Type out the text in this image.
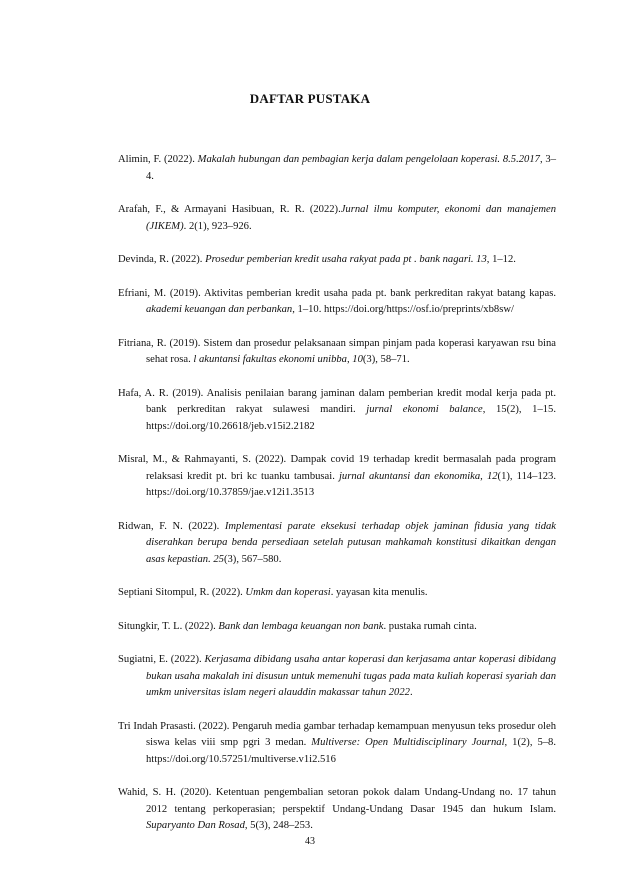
DAFTAR PUSTAKA
Alimin, F. (2022). Makalah hubungan dan pembagian kerja dalam pengelolaan koperasi. 8.5.2017, 3–4.
Arafah, F., & Armayani Hasibuan, R. R. (2022).Jurnal ilmu komputer, ekonomi dan manajemen (JIKEM). 2(1), 923–926.
Devinda, R. (2022). Prosedur pemberian kredit usaha rakyat pada pt . bank nagari. 13, 1–12.
Efriani, M. (2019). Aktivitas pemberian kredit usaha pada pt. bank perkreditan rakyat batang kapas. akademi keuangan dan perbankan, 1–10. https://doi.org/https://osf.io/preprints/xb8sw/
Fitriana, R. (2019). Sistem dan prosedur pelaksanaan simpan pinjam pada koperasi karyawan rsu bina sehat rosa. l akuntansi fakultas ekonomi unibba, 10(3), 58–71.
Hafa, A. R. (2019). Analisis penilaian barang jaminan dalam pemberian kredit modal kerja pada pt. bank perkreditan rakyat sulawesi mandiri. jurnal ekonomi balance, 15(2), 1–15. https://doi.org/10.26618/jeb.v15i2.2182
Misral, M., & Rahmayanti, S. (2022). Dampak covid 19 terhadap kredit bermasalah pada program relaksasi kredit pt. bri kc tuanku tambusai. jurnal akuntansi dan ekonomika, 12(1), 114–123. https://doi.org/10.37859/jae.v12i1.3513
Ridwan, F. N. (2022). Implementasi parate eksekusi terhadap objek jaminan fidusia yang tidak diserahkan berupa benda persediaan setelah putusan mahkamah konstitusi dikaitkan dengan asas kepastian. 25(3), 567–580.
Septiani Sitompul, R. (2022). Umkm dan koperasi. yayasan kita menulis.
Situngkir, T. L. (2022). Bank dan lembaga keuangan non bank. pustaka rumah cinta.
Sugiatni, E. (2022). Kerjasama dibidang usaha antar koperasi dan kerjasama antar koperasi dibidang bukan usaha makalah ini disusun untuk memenuhi tugas pada mata kuliah koperasi syariah dan umkm universitas islam negeri alauddin makassar tahun 2022.
Tri Indah Prasasti. (2022). Pengaruh media gambar terhadap kemampuan menyusun teks prosedur oleh siswa kelas viii smp pgri 3 medan. Multiverse: Open Multidisciplinary Journal, 1(2), 5–8. https://doi.org/10.57251/multiverse.v1i2.516
Wahid, S. H. (2020). Ketentuan pengembalian setoran pokok dalam Undang-Undang no. 17 tahun 2012 tentang perkoperasian; perspektif Undang-Undang Dasar 1945 dan hukum Islam. Suparyanto Dan Rosad, 5(3), 248–253.
43
